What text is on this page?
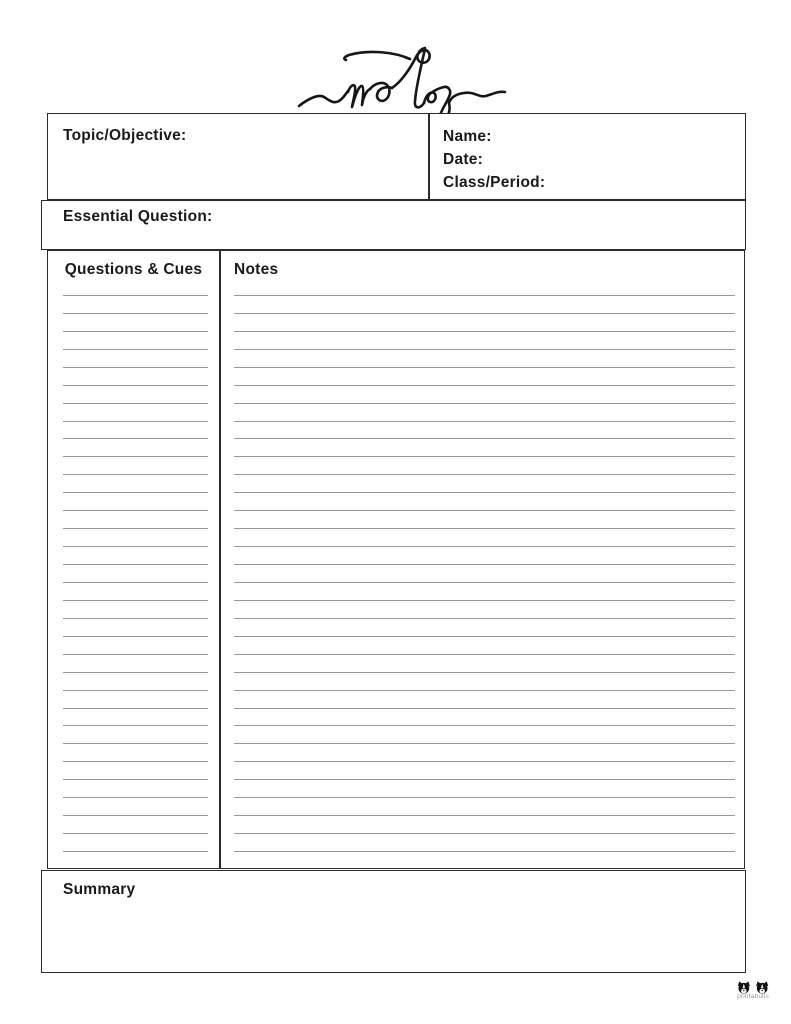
Topic/Objective:	Name:
Date:
Class/Period:
Essential Question:
Questions & Cues	Notes
Summary
printabulls
